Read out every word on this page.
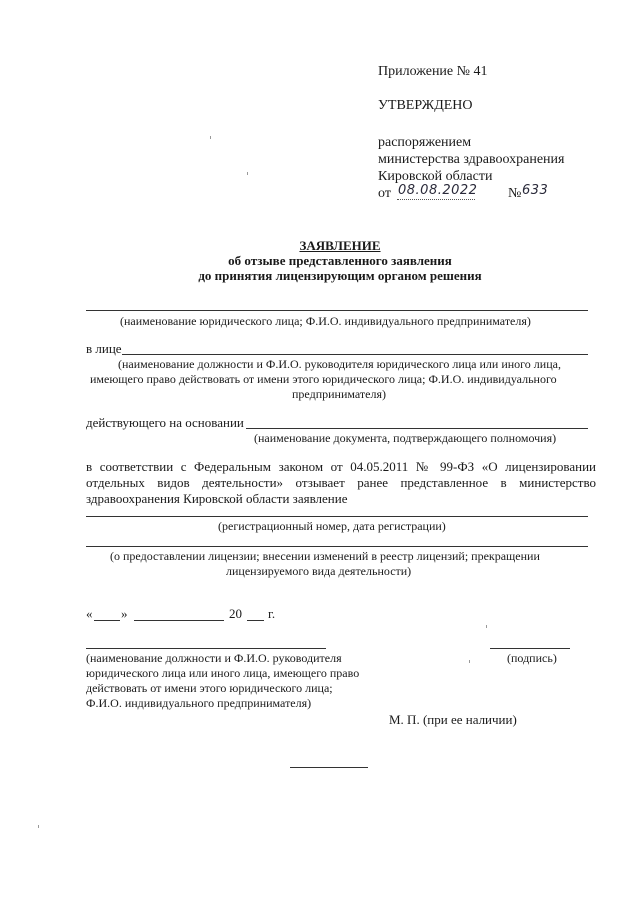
Приложение № 41
УТВЕРЖДЕНО
распоряжением
министерства здравоохранения
Кировской области
от 08.08.2022 № 633
ЗАЯВЛЕНИЕ
об отзыве представленного заявления
до принятия лицензирующим органом решения
(наименование юридического лица; Ф.И.О. индивидуального предпринимателя)
в лице
(наименование должности и Ф.И.О. руководителя юридического лица или иного лица,
имеющего право действовать от имени этого юридического лица; Ф.И.О. индивидуального
предпринимателя)
действующего на основании
(наименование документа, подтверждающего полномочия)
в соответствии с Федеральным законом от 04.05.2011 № 99-ФЗ «О лицензировании отдельных видов деятельности» отзывает ранее представленное в министерство здравоохранения Кировской области заявление
(регистрационный номер, дата регистрации)
(о предоставлении лицензии; внесении изменений в реестр лицензий; прекращении
лицензируемого вида деятельности)
« »	20 г.
(наименование должности и Ф.И.О. руководителя
юридического лица или иного лица, имеющего право
действовать от имени этого юридического лица;
Ф.И.О. индивидуального предпринимателя)
(подпись)
М. П. (при ее наличии)
